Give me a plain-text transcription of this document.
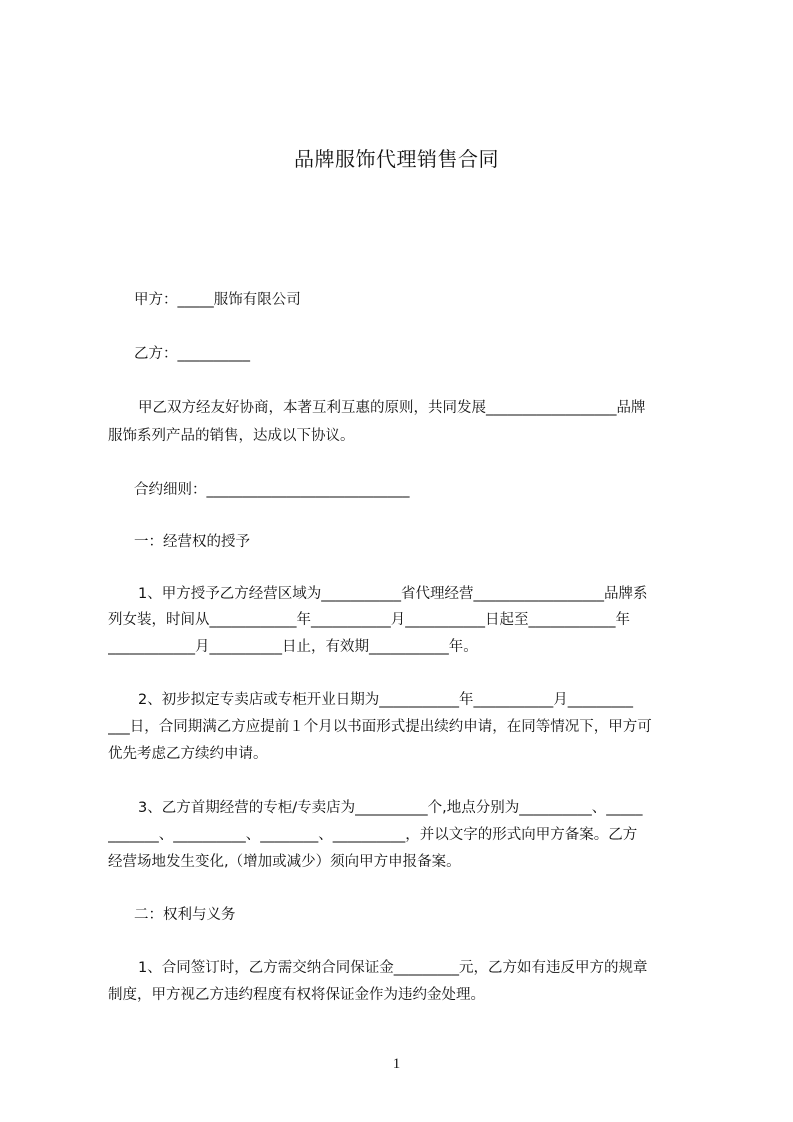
品牌服饰代理销售合同
甲方：_____服饰有限公司
乙方：__________
甲乙双方经友好协商，本著互利互惠的原则，共同发展__________________品牌
服饰系列产品的销售，达成以下协议。
合约细则：____________________________
一：经营权的授予
1、甲方授予乙方经营区域为___________省代理经营__________________品牌系
列女装，时间从____________年___________月___________日起至____________年
____________月__________日止，有效期___________年。
2、初步拟定专卖店或专柜开业日期为___________年___________月_________
___日，合同期满乙方应提前１个月以书面形式提出续约申请，在同等情况下，甲方可
优先考虑乙方续约申请。
3、乙方首期经营的专柜/专卖店为__________个,地点分别为__________、_____
_______、__________、________、__________，并以文字的形式向甲方备案。乙方
经营场地发生变化,（增加或减少）须向甲方申报备案。
二：权利与义务
1、合同签订时，乙方需交纳合同保证金_________元，乙方如有违反甲方的规章
制度，甲方视乙方违约程度有权将保证金作为违约金处理。
1
